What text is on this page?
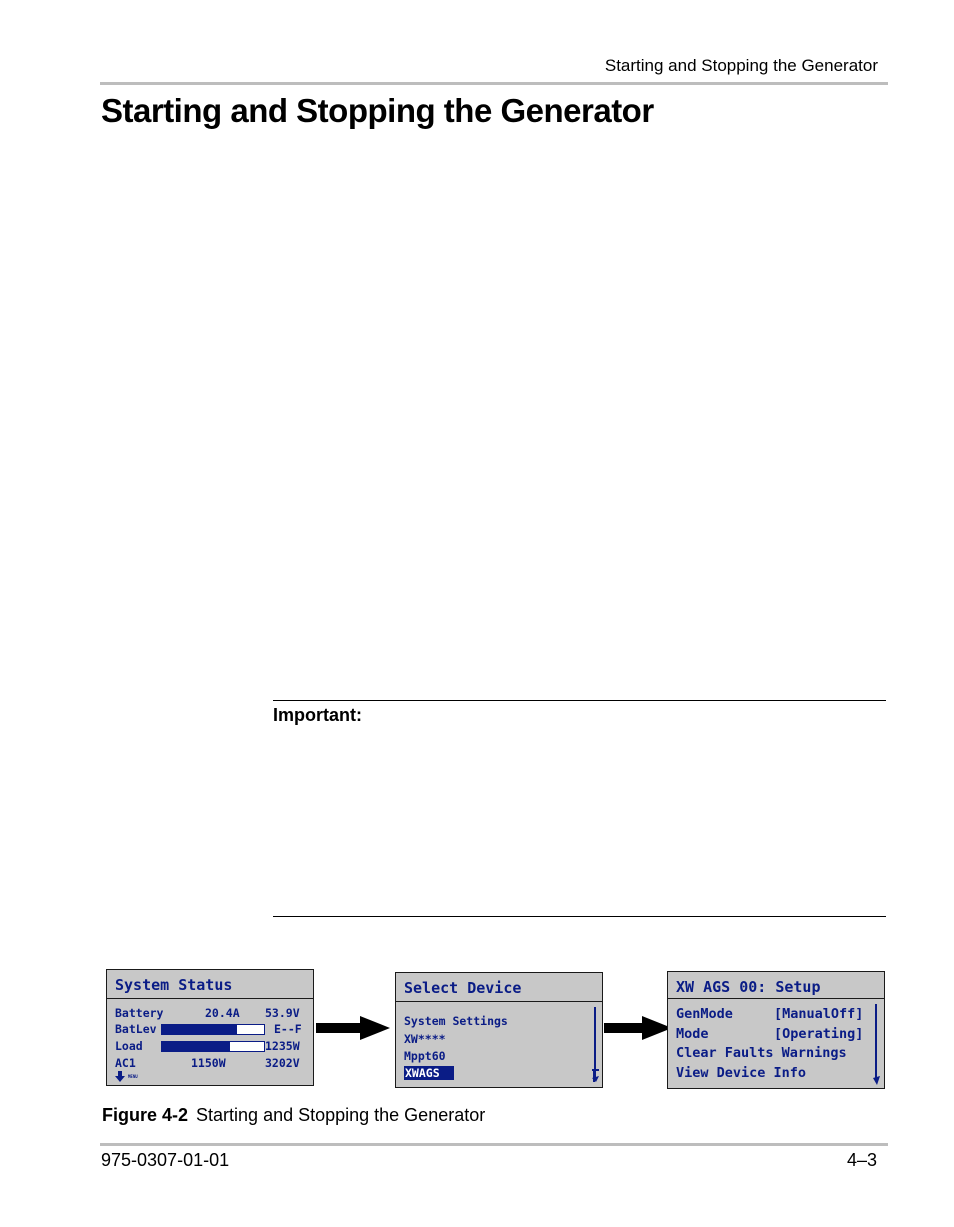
Starting and Stopping the Generator
Starting and Stopping the Generator
Important:
System Status
Battery	20.4A 53.9V
BatLev	E--F
Load	1235W
AC1	1150W	3202V
MENU
Select Device
System Settings
XW****
Mppt60
XWAGS
XW AGS 00: Setup
GenMode	[ManualOff]
Mode	[Operating]
Clear Faults Warnings
View Device Info
Figure 4-2 Starting and Stopping the Generator
975-0307-01-01	4–3
